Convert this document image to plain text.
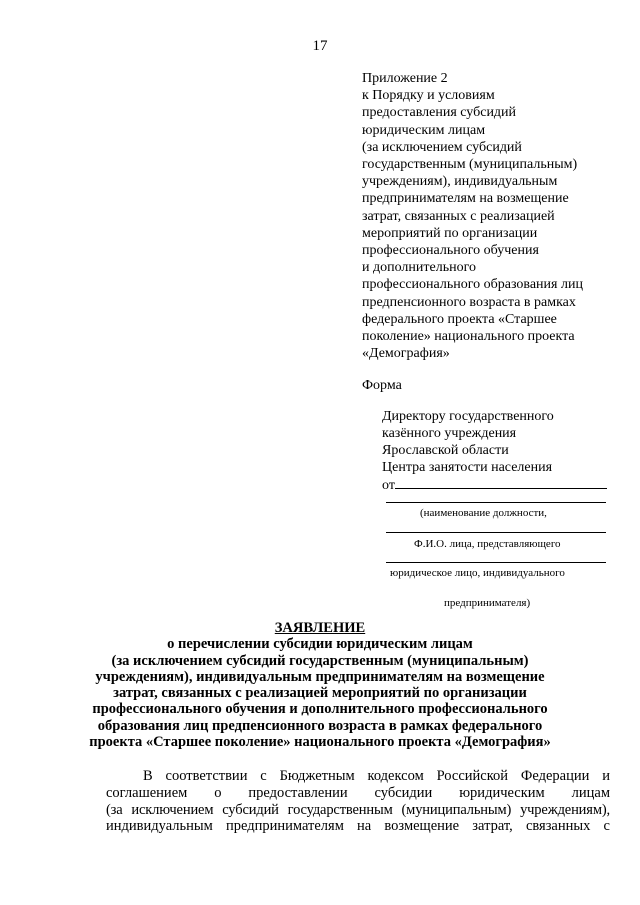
17
Приложение 2
к Порядку и условиям
предоставления субсидий
юридическим лицам
(за исключением субсидий
государственным (муниципальным)
учреждениям), индивидуальным
предпринимателям на возмещение
затрат, связанных с реализацией
мероприятий по организации
профессионального обучения
и дополнительного
профессионального образования лиц
предпенсионного возраста в рамках
федерального проекта «Старшее
поколение» национального проекта
«Демография»
Форма
Директору государственного
казённого учреждения
Ярославской области
Центра занятости населения
от
(наименование должности,
Ф.И.О. лица, представляющего
юридическое лицо, индивидуального
предпринимателя)
ЗАЯВЛЕНИЕ
о перечислении субсидии юридическим лицам
(за исключением субсидий государственным (муниципальным)
учреждениям), индивидуальным предпринимателям на возмещение
затрат, связанных с реализацией мероприятий по организации
профессионального обучения и дополнительного профессионального
образования лиц предпенсионного возраста в рамках федерального
проекта «Старшее поколение» национального проекта «Демография»
В соответствии с Бюджетным кодексом Российской Федерации и
соглашением о предоставлении субсидии юридическим лицам
(за исключением субсидий государственным (муниципальным) учреждениям),
индивидуальным предпринимателям на возмещение затрат, связанных с
